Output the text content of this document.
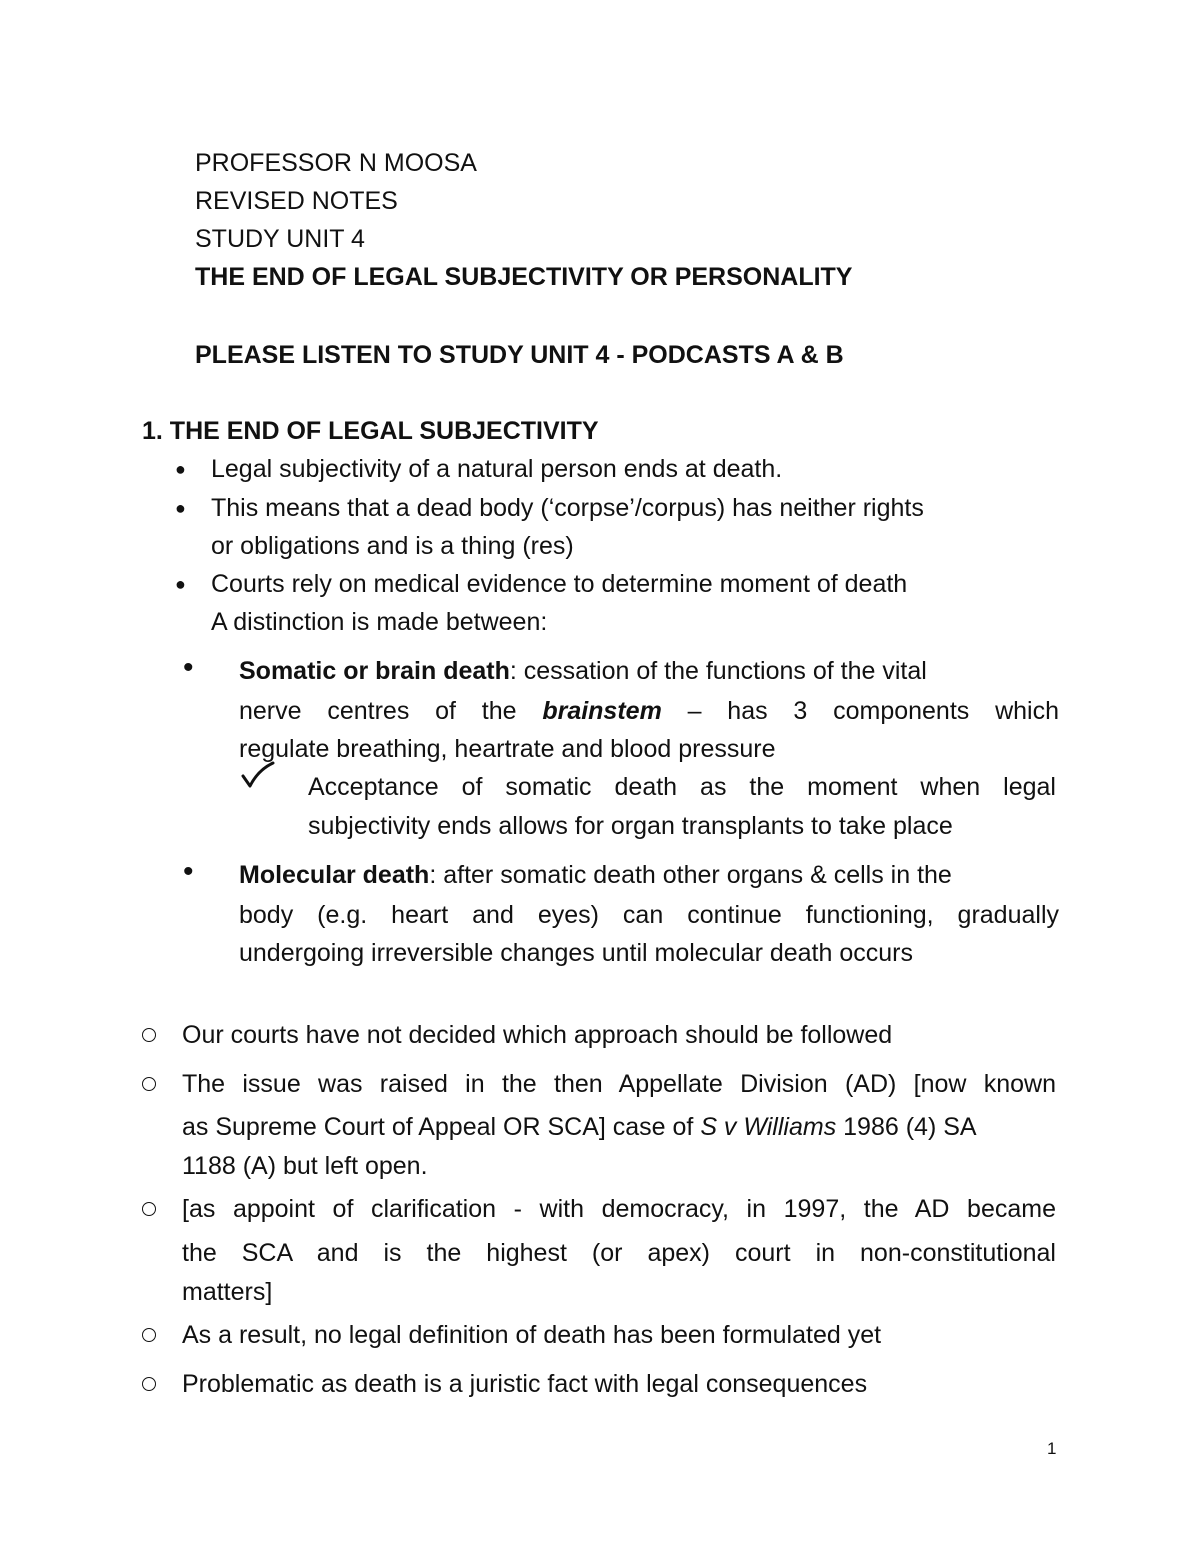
PROFESSOR N MOOSA

REVISED NOTES

STUDY UNIT 4

THE END OF LEGAL SUBJECTIVITY OR PERSONALITY

PLEASE LISTEN TO STUDY UNIT 4 - PODCASTS A & B

1. THE END OF LEGAL SUBJECTIVITY

● Legal subjectivity of a natural person ends at death.

● This means that a dead body (‘corpse’/corpus) has neither rights

or obligations and is a thing (res)

● Courts rely on medical evidence to determine moment of death

A distinction is made between:

• Somatic or brain death: cessation of the functions of the vital

nerve centres of the brainstem – has 3 components which

regulate breathing, heartrate and blood pressure

Acceptance of somatic death as the moment when legal

subjectivity ends allows for organ transplants to take place

• Molecular death: after somatic death other organs & cells in the

body (e.g. heart and eyes) can continue functioning, gradually

undergoing irreversible changes until molecular death occurs

Our courts have not decided which approach should be followed

The issue was raised in the then Appellate Division (AD) [now known

as Supreme Court of Appeal OR SCA] case of S v Williams 1986 (4) SA

1188 (A) but left open.

[as appoint of clarification - with democracy, in 1997, the AD became

the SCA and is the highest (or apex) court in non-constitutional

matters]

As a result, no legal definition of death has been formulated yet

Problematic as death is a juristic fact with legal consequences

1
